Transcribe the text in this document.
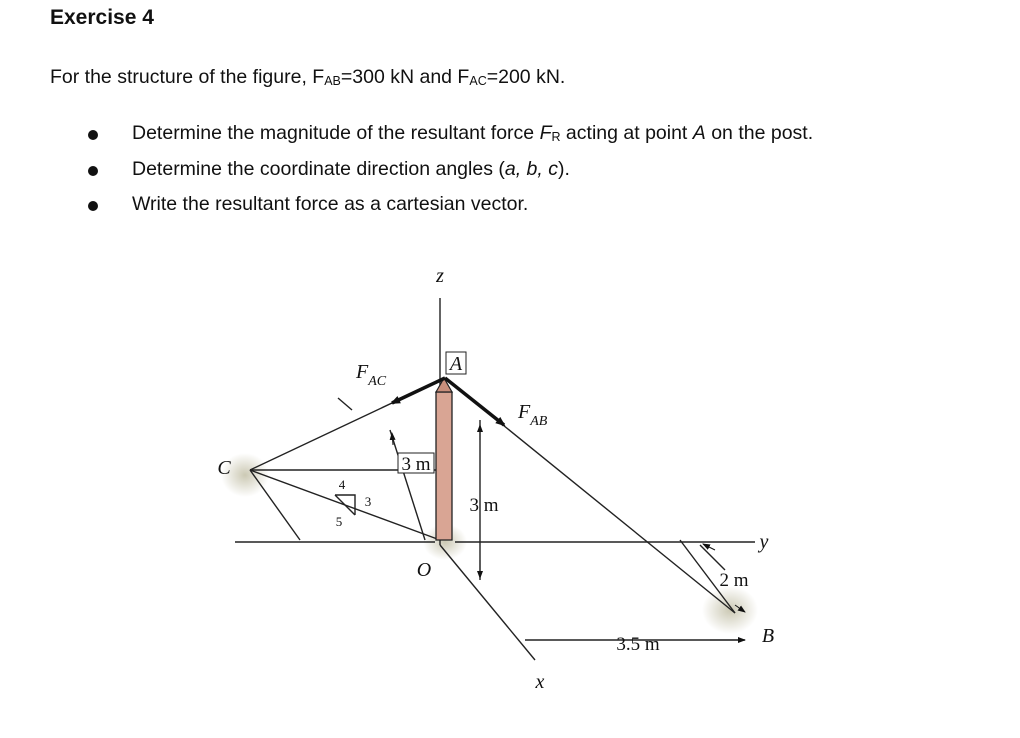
Exercise 4
For the structure of the figure, $F_{AB}=300$ kN and $F_{AC}=200$ kN.
Determine the magnitude of the resultant force $F_R$ acting at point A on the post.
Determine the coordinate direction angles (a, b, c).
Write the resultant force as a cartesian vector.
z
x
y
A
B
C
O
$F_{AC}$
$F_{AB}$
3 m
3 m
2 m
3.5 m
4
3
5
